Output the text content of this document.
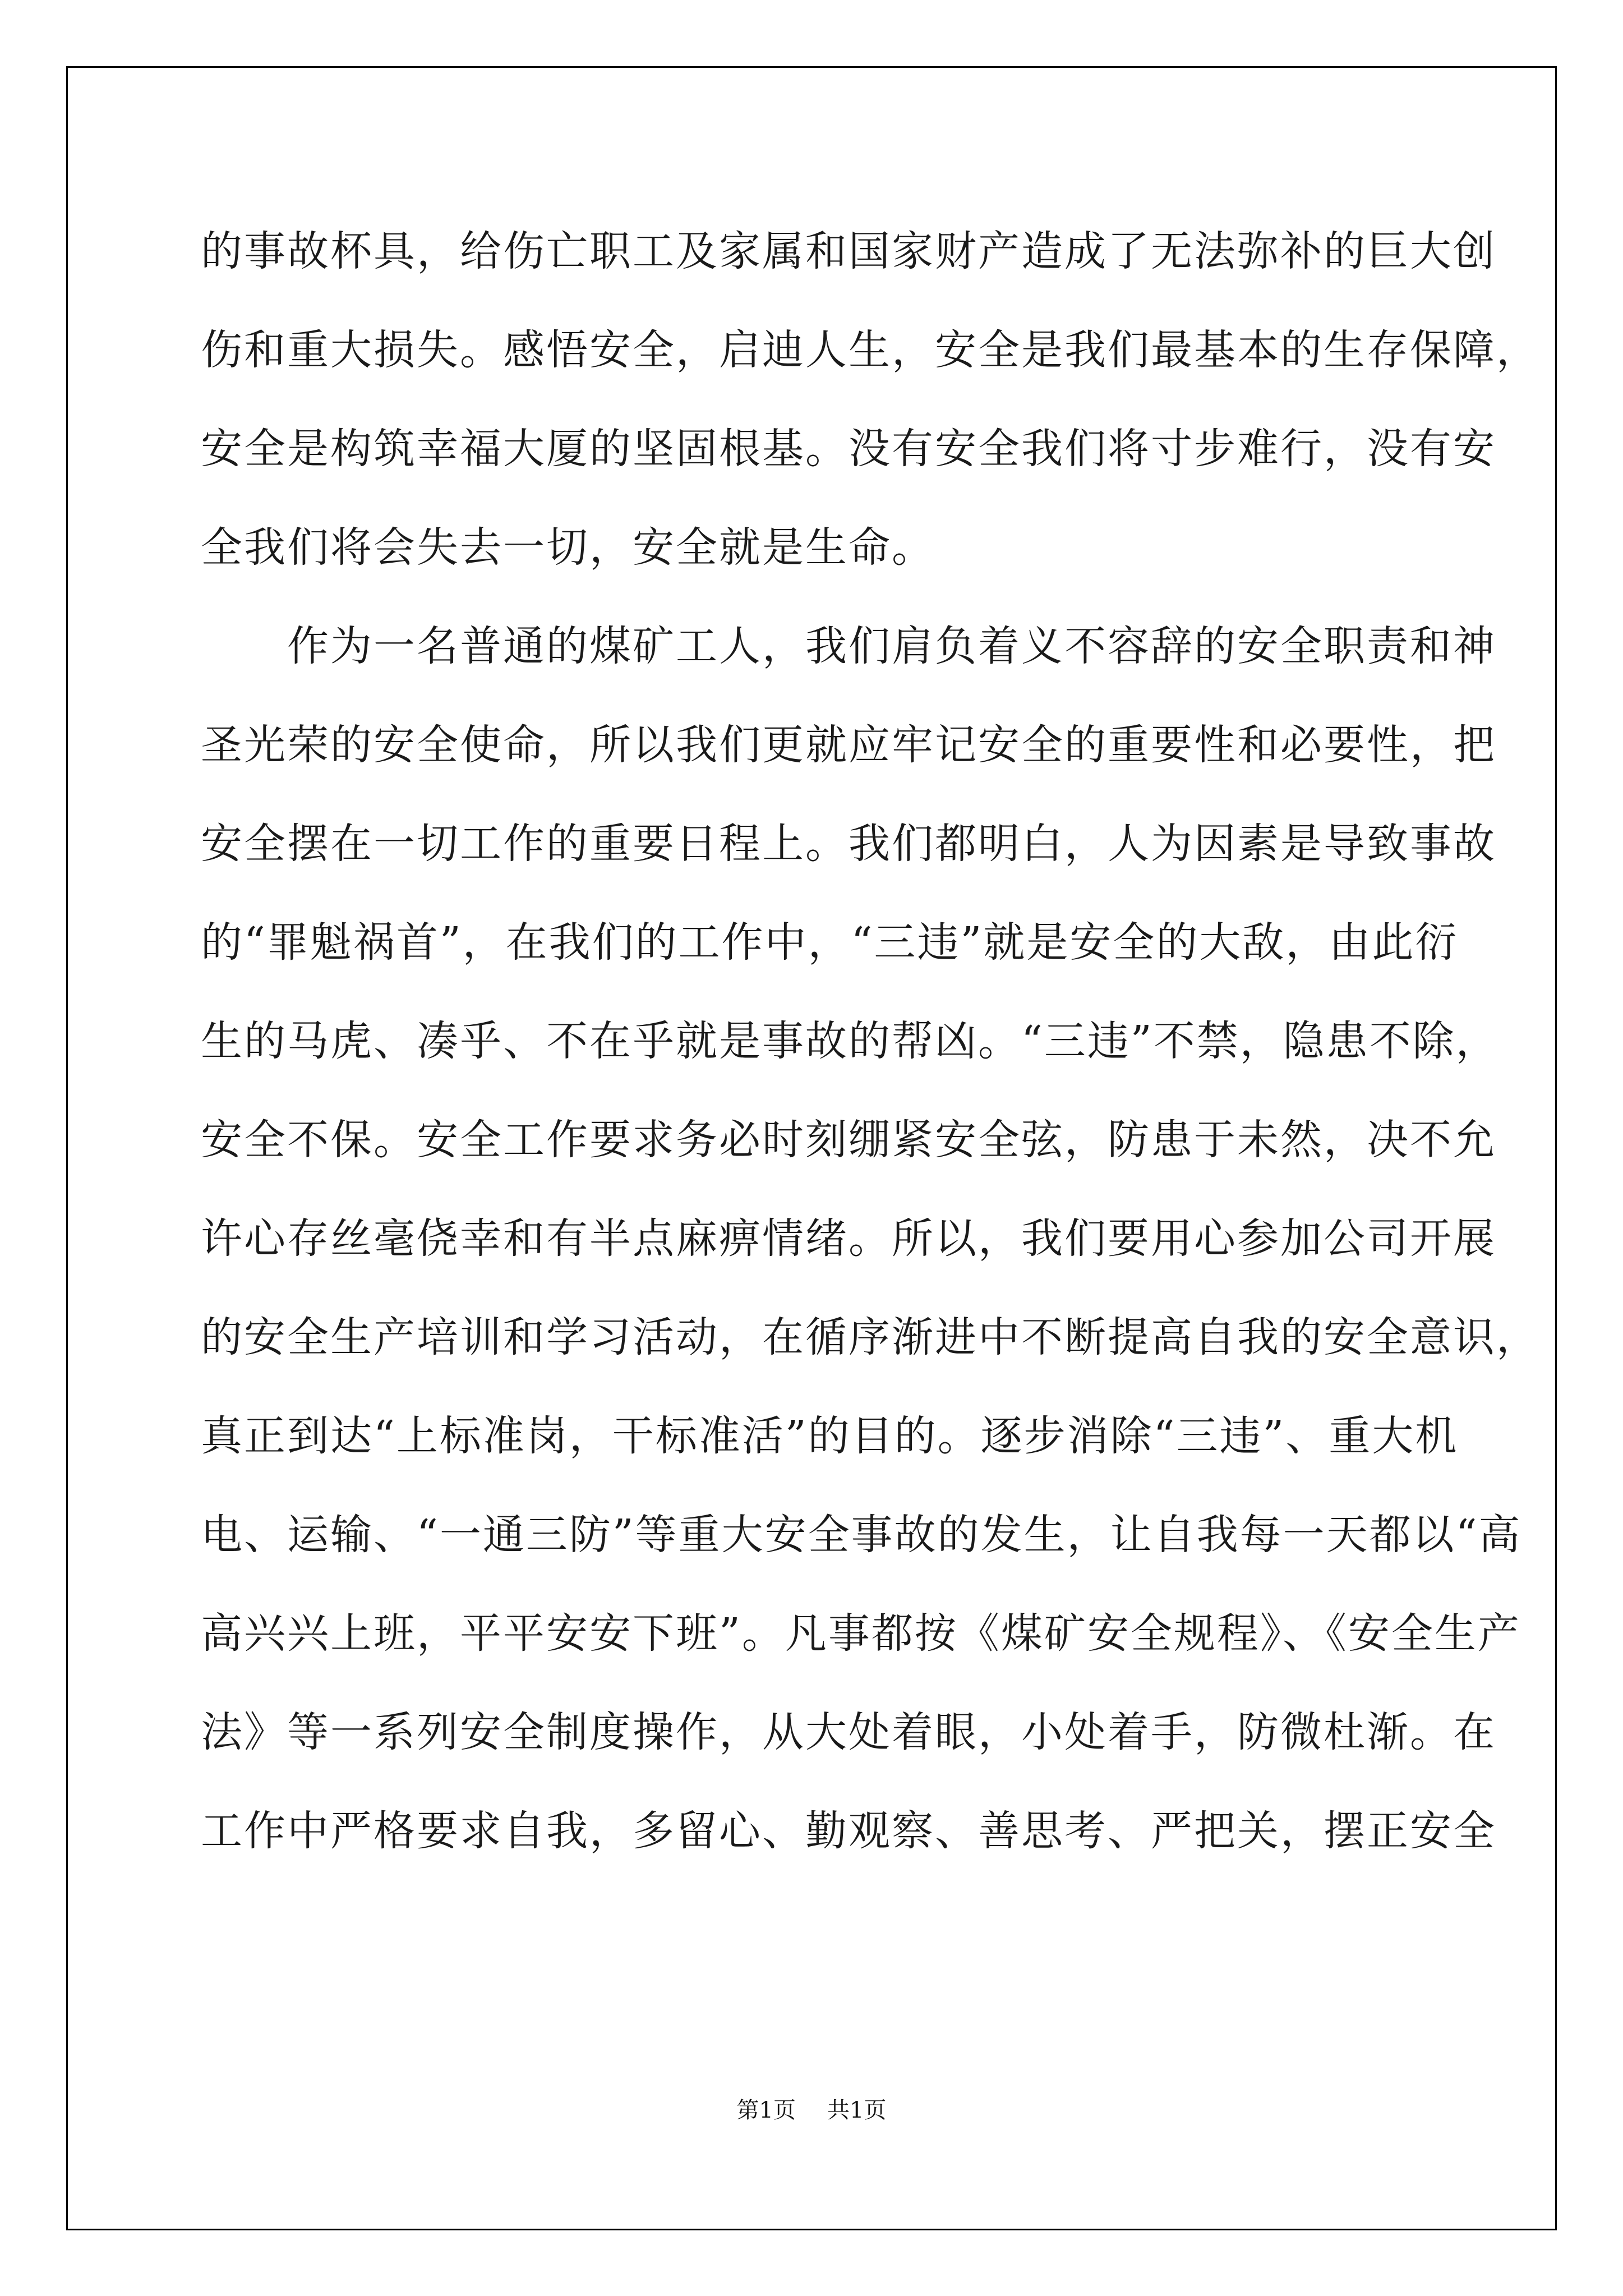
的事故杯具，给伤亡职工及家属和国家财产造成了无法弥补的巨大创
伤和重大损失。感悟安全，启迪人生，安全是我们最基本的生存保障，
安全是构筑幸福大厦的坚固根基。没有安全我们将寸步难行，没有安
全我们将会失去一切，安全就是生命。
　　作为一名普通的煤矿工人，我们肩负着义不容辞的安全职责和神
圣光荣的安全使命，所以我们更就应牢记安全的重要性和必要性，把
安全摆在一切工作的重要日程上。我们都明白，人为因素是导致事故
的“罪魁祸首”，在我们的工作中，“三违”就是安全的大敌，由此衍
生的马虎、凑乎、不在乎就是事故的帮凶。“三违”不禁，隐患不除，
安全不保。安全工作要求务必时刻绷紧安全弦，防患于未然，决不允
许心存丝毫侥幸和有半点麻痹情绪。所以，我们要用心参加公司开展
的安全生产培训和学习活动，在循序渐进中不断提高自我的安全意识，
真正到达“上标准岗，干标准活”的目的。逐步消除“三违”、重大机
电、运输、“一通三防”等重大安全事故的发生，让自我每一天都以“高
高兴兴上班，平平安安下班”。凡事都按《煤矿安全规程》、《安全生产
法》等一系列安全制度操作，从大处着眼，小处着手，防微杜渐。在
工作中严格要求自我，多留心、勤观察、善思考、严把关，摆正安全
第1页 共1页
